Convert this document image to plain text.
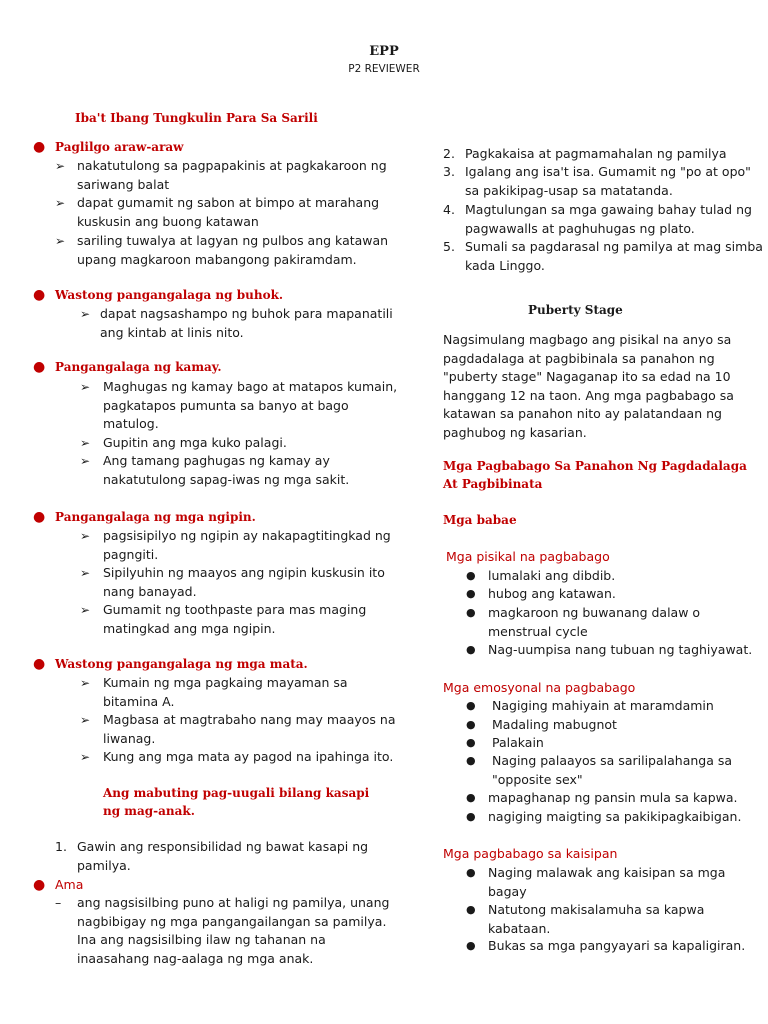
EPP
P2 REVIEWER
Iba't Ibang Tungkulin Para Sa Sarili
● Paglilgo araw-araw
➢ nakatutulong sa pagpapakinis at pagkakaroon ng
sariwang balat
➢ dapat gumamit ng sabon at bimpo at marahang
kuskusin ang buong katawan
➢ sariling tuwalya at lagyan ng pulbos ang katawan
upang magkaroon mabangong pakiramdam.
● Wastong pangangalaga ng buhok.
➢ dapat nagsashampo ng buhok para mapanatili
ang kintab at linis nito.
● Pangangalaga ng kamay.
➢ Maghugas ng kamay bago at matapos kumain,
pagkatapos pumunta sa banyo at bago
matulog.
➢ Gupitin ang mga kuko palagi.
➢ Ang tamang paghugas ng kamay ay
nakatutulong sapag-iwas ng mga sakit.
● Pangangalaga ng mga ngipin.
➢ pagsisipilyo ng ngipin ay nakapagtitingkad ng
pagngiti.
➢ Sipilyuhin ng maayos ang ngipin kuskusin ito
nang banayad.
➢ Gumamit ng toothpaste para mas maging
matingkad ang mga ngipin.
● Wastong pangangalaga ng mga mata.
➢ Kumain ng mga pagkaing mayaman sa
bitamina A.
➢ Magbasa at magtrabaho nang may maayos na
liwanag.
➢ Kung ang mga mata ay pagod na ipahinga ito.
Ang mabuting pag-uugali bilang kasapi
ng mag-anak.
1. Gawin ang responsibilidad ng bawat kasapi ng
pamilya.
● Ama
– ang nagsisilbing puno at haligi ng pamilya, unang
nagbibigay ng mga pangangailangan sa pamilya.
Ina ang nagsisilbing ilaw ng tahanan na
inaasahang nag-aalaga ng mga anak.
2. Pagkakaisa at pagmamahalan ng pamilya
3. Igalang ang isa't isa. Gumamit ng "po at opo"
sa pakikipag-usap sa matatanda.
4. Magtulungan sa mga gawaing bahay tulad ng
pagwawalls at paghuhugas ng plato.
5. Sumali sa pagdarasal ng pamilya at mag simba
kada Linggo.
Puberty Stage
Nagsimulang magbago ang pisikal na anyo sa
pagdadalaga at pagbibinala sa panahon ng
"puberty stage" Nagaganap ito sa edad na 10
hanggang 12 na taon. Ang mga pagbabago sa
katawan sa panahon nito ay palatandaan ng
paghubog ng kasarian.
Mga Pagbabago Sa Panahon Ng Pagdadalaga
At Pagbibinata
Mga babae
Mga pisikal na pagbabago
● lumalaki ang dibdib.
● hubog ang katawan.
● magkaroon ng buwanang dalaw o
menstrual cycle
● Nag-uumpisa nang tubuan ng taghiyawat.
Mga emosyonal na pagbabago
● Nagiging mahiyain at maramdamin
● Madaling mabugnot
● Palakain
● Naging palaayos sa sarilipalahanga sa
"opposite sex"
● mapaghanap ng pansin mula sa kapwa.
● nagiging maigting sa pakikipagkaibigan.
Mga pagbabago sa kaisipan
● Naging malawak ang kaisipan sa mga
bagay
● Natutong makisalamuha sa kapwa
kabataan.
● Bukas sa mga pangyayari sa kapaligiran.
